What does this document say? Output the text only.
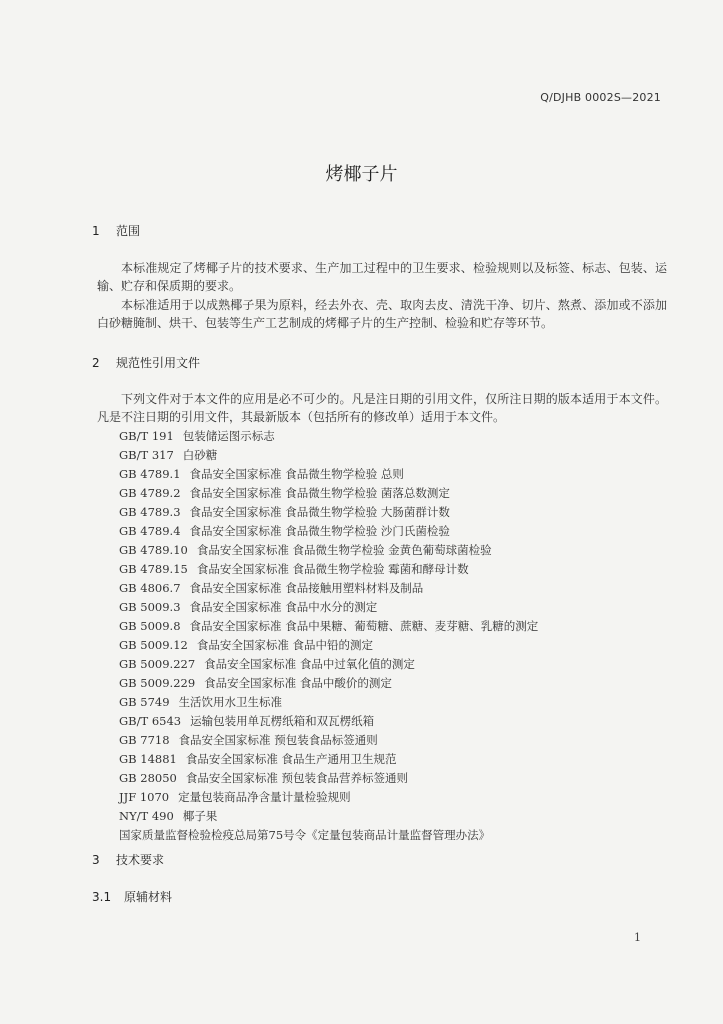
Q/DJHB 0002S—2021
烤椰子片
1 范围
本标准规定了烤椰子片的技术要求、生产加工过程中的卫生要求、检验规则以及标签、标志、包装、运输、贮存和保质期的要求。
本标准适用于以成熟椰子果为原料，经去外衣、壳、取肉去皮、清洗干净、切片、熬煮、添加或不添加白砂糖腌制、烘干、包装等生产工艺制成的烤椰子片的生产控制、检验和贮存等环节。
2 规范性引用文件
下列文件对于本文件的应用是必不可少的。凡是注日期的引用文件，仅所注日期的版本适用于本文件。凡是不注日期的引用文件，其最新版本（包括所有的修改单）适用于本文件。
GB/T 191 包装储运图示标志
GB/T 317 白砂糖
GB 4789.1 食品安全国家标准 食品微生物学检验 总则
GB 4789.2 食品安全国家标准 食品微生物学检验 菌落总数测定
GB 4789.3 食品安全国家标准 食品微生物学检验 大肠菌群计数
GB 4789.4 食品安全国家标准 食品微生物学检验 沙门氏菌检验
GB 4789.10 食品安全国家标准 食品微生物学检验 金黄色葡萄球菌检验
GB 4789.15 食品安全国家标准 食品微生物学检验 霉菌和酵母计数
GB 4806.7 食品安全国家标准 食品接触用塑料材料及制品
GB 5009.3 食品安全国家标准 食品中水分的测定
GB 5009.8 食品安全国家标准 食品中果糖、葡萄糖、蔗糖、麦芽糖、乳糖的测定
GB 5009.12 食品安全国家标准 食品中铅的测定
GB 5009.227 食品安全国家标准 食品中过氧化值的测定
GB 5009.229 食品安全国家标准 食品中酸价的测定
GB 5749 生活饮用水卫生标准
GB/T 6543 运输包装用单瓦楞纸箱和双瓦楞纸箱
GB 7718 食品安全国家标准 预包装食品标签通则
GB 14881 食品安全国家标准 食品生产通用卫生规范
GB 28050 食品安全国家标准 预包装食品营养标签通则
JJF 1070 定量包装商品净含量计量检验规则
NY/T 490 椰子果
国家质量监督检验检疫总局第75号令《定量包装商品计量监督管理办法》
3 技术要求
3.1 原辅材料
1
